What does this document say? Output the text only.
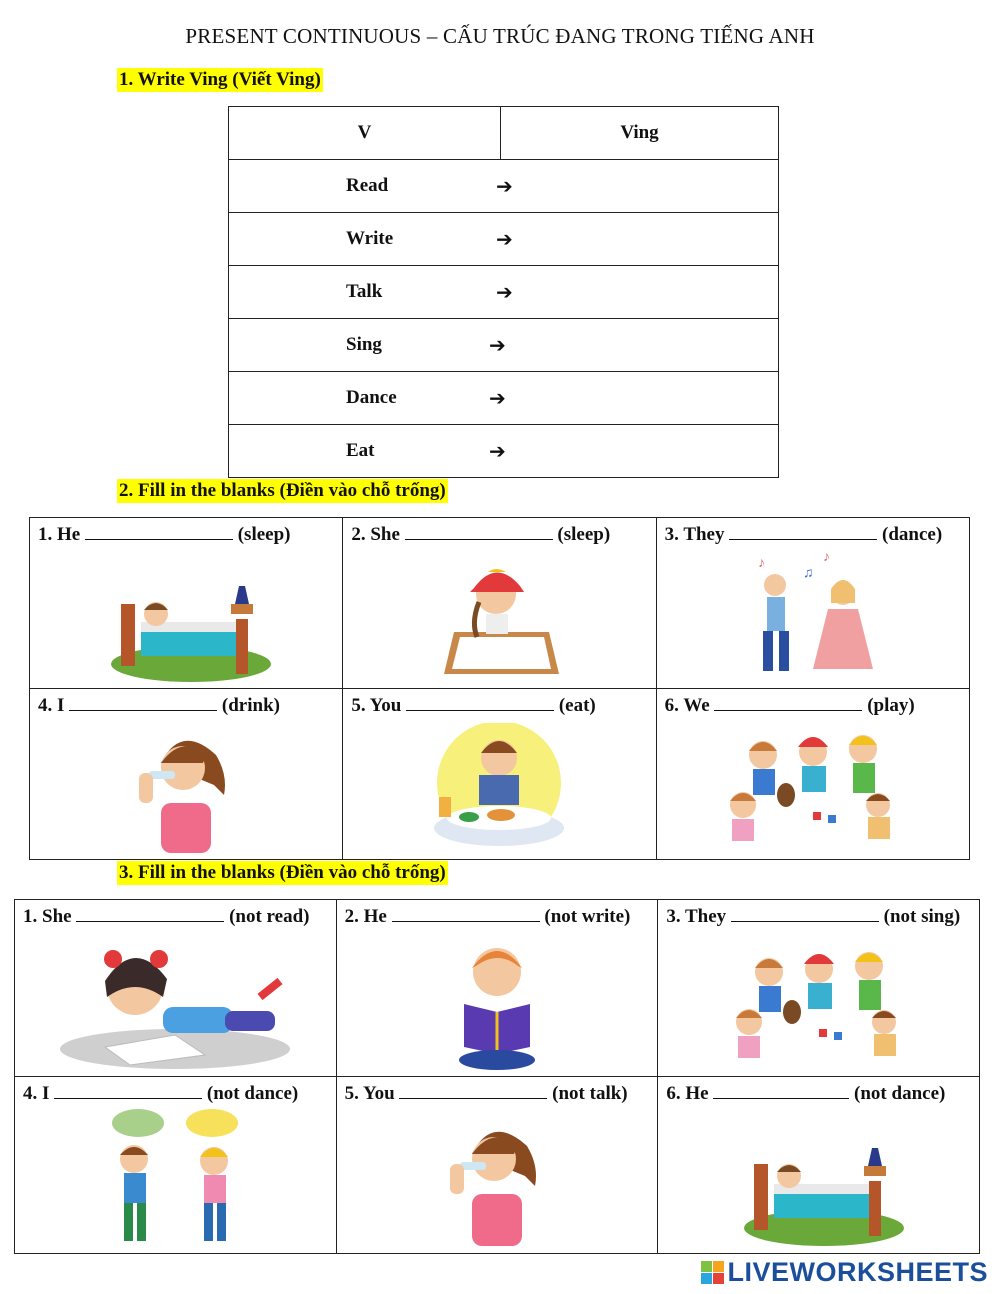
PRESENT CONTINUOUS – CẤU TRÚC ĐANG TRONG TIẾNG ANH
1. Write Ving (Viết Ving)
V	Ving

Read	➔

Write	➔

Talk	➔

Sing	➔

Dance	➔

Eat	➔
2. Fill in the blanks (Điền vào chỗ trống)
1. He (sleep)	2. She (sleep)	3. They (dance)
♪
♫
♪

4. I (drink)	5. You (eat)	6. We (play)
3. Fill in the blanks (Điền vào chỗ trống)
1. She (not read)	2. He (not write)	3. They (not sing)

4. I (not dance)	5. You (not talk)	6. He (not dance)
LIVEWORKSHEETS
